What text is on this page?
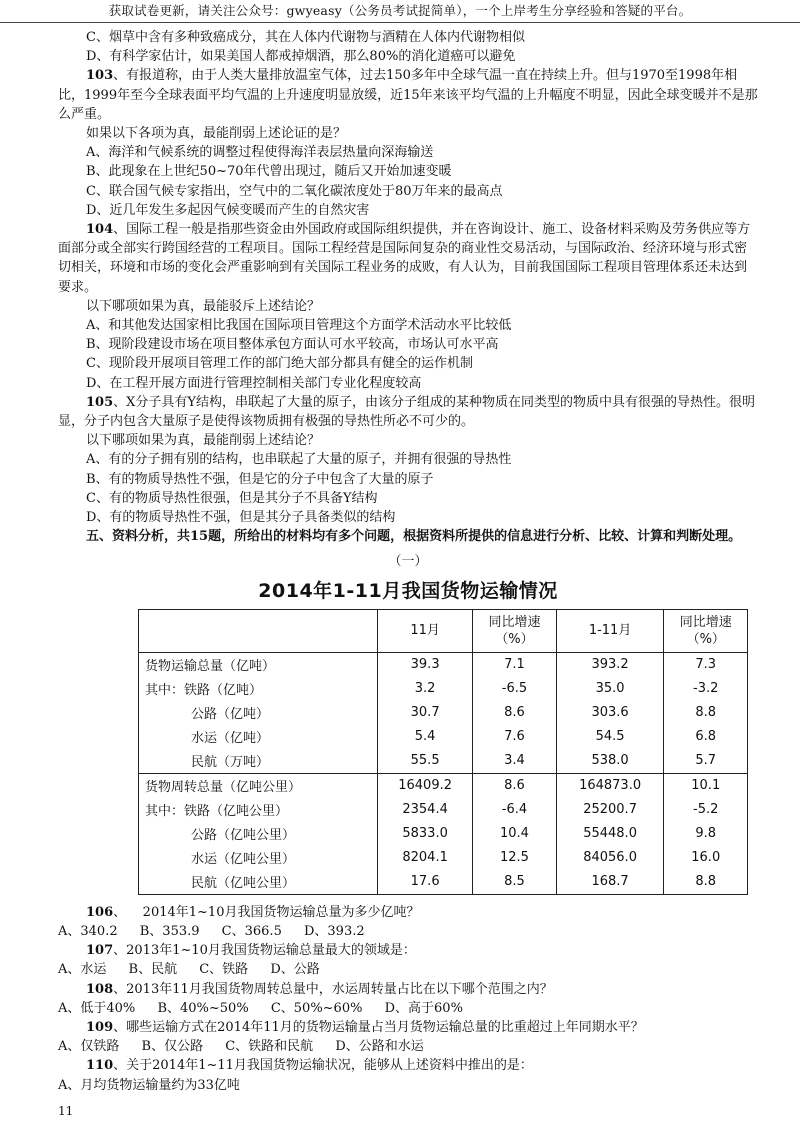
获取试卷更新，请关注公众号：gwyeasy（公务员考试捉简单），一个上岸考生分享经验和答疑的平台。
C、烟草中含有多种致癌成分，其在人体内代谢物与酒精在人体内代谢物相似
D、有科学家估计，如果美国人都戒掉烟酒，那么80%的消化道癌可以避免
103、有报道称，由于人类大量排放温室气体，过去150多年中全球气温一直在持续上升。但与1970至1998年相比，1999年至今全球表面平均气温的上升速度明显放缓，近15年来该平均气温的上升幅度不明显，因此全球变暖并不是那么严重。
如果以下各项为真，最能削弱上述论证的是？
A、海洋和气候系统的调整过程使得海洋表层热量向深海输送
B、此现象在上世纪50~70年代曾出现过，随后又开始加速变暖
C、联合国气候专家指出，空气中的二氧化碳浓度处于80万年来的最高点
D、近几年发生多起因气候变暖而产生的自然灾害
104、国际工程一般是指那些资金由外国政府或国际组织提供，并在咨询设计、施工、设备材料采购及劳务供应等方面部分或全部实行跨国经营的工程项目。国际工程经营是国际间复杂的商业性交易活动，与国际政治、经济环境与形式密切相关，环境和市场的变化会严重影响到有关国际工程业务的成败，有人认为，目前我国国际工程项目管理体系还未达到要求。
以下哪项如果为真，最能驳斥上述结论？
A、和其他发达国家相比我国在国际项目管理这个方面学术活动水平比较低
B、现阶段建设市场在项目整体承包方面认可水平较高，市场认可水平高
C、现阶段开展项目管理工作的部门绝大部分都具有健全的运作机制
D、在工程开展方面进行管理控制相关部门专业化程度较高
105、X分子具有Y结构，串联起了大量的原子，由该分子组成的某种物质在同类型的物质中具有很强的导热性。很明显，分子内包含大量原子是使得该物质拥有极强的导热性所必不可少的。
以下哪项如果为真，最能削弱上述结论？
A、有的分子拥有别的结构，也串联起了大量的原子，并拥有很强的导热性
B、有的物质导热性不强，但是它的分子中包含了大量的原子
C、有的物质导热性很强，但是其分子不具备Y结构
D、有的物质导热性不强，但是其分子具备类似的结构
五、资料分析，共15题，所给出的材料均有多个问题，根据资料所提供的信息进行分析、比较、计算和判断处理。
（一）
2014年1-11月我国货物运输情况
	11月	同比增速
（%）	1-11月	同比增速
（%）
货物运输总量（亿吨）	39.3	7.1	393.2	7.3
其中：铁路（亿吨）	3.2	-6.5	35.0	-3.2
公路（亿吨）	30.7	8.6	303.6	8.8
水运（亿吨）	5.4	7.6	54.5	6.8
民航（万吨）	55.5	3.4	538.0	5.7
货物周转总量（亿吨公里）	16409.2	8.6	164873.0	10.1
其中：铁路（亿吨公里）	2354.4	-6.4	25200.7	-5.2
公路（亿吨公里）	5833.0	10.4	55448.0	9.8
水运（亿吨公里）	8204.1	12.5	84056.0	16.0
民航（亿吨公里）	17.6	8.5	168.7	8.8
106、    2014年1~10月我国货物运输总量为多少亿吨？
A、340.2 B、353.9 C、366.5 D、393.2
107、2013年1~10月我国货物运输总量最大的领域是：
A、水运 B、民航 C、铁路 D、公路
108、2013年11月我国货物周转总量中，水运周转量占比在以下哪个范围之内？
A、低于40% B、40%~50% C、50%~60% D、高于60%
109、哪些运输方式在2014年11月的货物运输量占当月货物运输总量的比重超过上年同期水平？
A、仅铁路 B、仅公路 C、铁路和民航 D、公路和水运
110、关于2014年1~11月我国货物运输状况，能够从上述资料中推出的是：
A、月均货物运输量约为33亿吨
11
